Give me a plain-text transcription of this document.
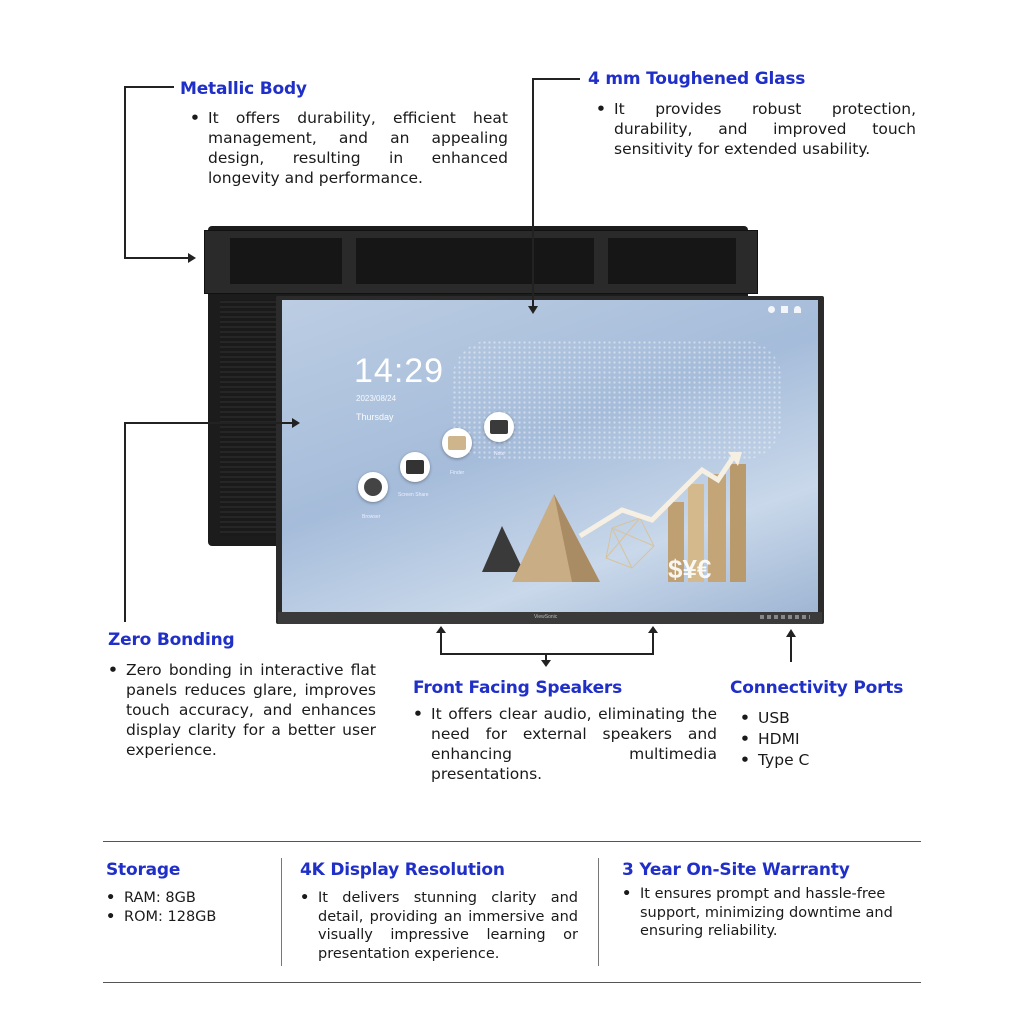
14:29
2023/08/24
Thursday
Browser
Screen Share
Finder
Note
$¥€
ViewSonic
Metallic Body
• It offers durability, efficient heat management, and an appealing design, resulting in enhanced longevity and performance.
4 mm Toughened Glass
• It provides robust protection, durability, and improved touch sensitivity for extended usability.
Zero Bonding
• Zero bonding in interactive flat panels reduces glare, improves touch accuracy, and enhances display clarity for a better user experience.
Front Facing Speakers
• It offers clear audio, eliminating the need for external speakers and enhancing multimedia presentations.
Connectivity Ports
• USB
• HDMI
• Type C
Storage
• RAM: 8GB
• ROM: 128GB
4K Display Resolution
• It delivers stunning clarity and detail, providing an immersive and visually impressive learning or presentation experience.
3 Year On-Site Warranty
• It ensures prompt and hassle-free support, minimizing downtime and ensuring reliability.
